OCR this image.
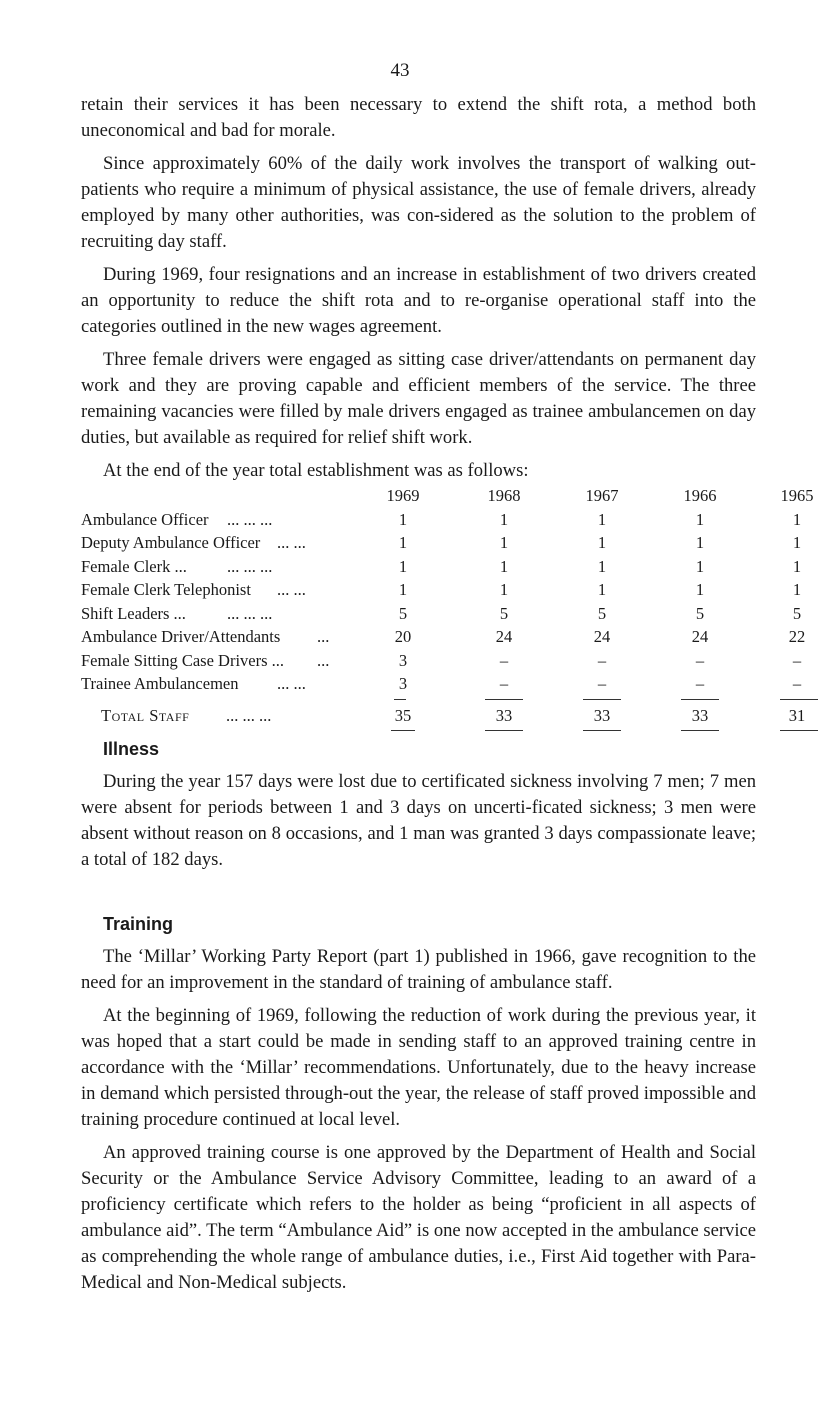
43

retain their services it has been necessary to extend the shift rota, a method both uneconomical and bad for morale.

Since approximately 60% of the daily work involves the transport of walking out-patients who require a minimum of physical assistance, the use of female drivers, already employed by many other authorities, was con-sidered as the solution to the problem of recruiting day staff.

During 1969, four resignations and an increase in establishment of two drivers created an opportunity to reduce the shift rota and to re-organise operational staff into the categories outlined in the new wages agreement.

Three female drivers were engaged as sitting case driver/attendants on permanent day work and they are proving capable and efficient members of the service. The three remaining vacancies were filled by male drivers engaged as trainee ambulancemen on day duties, but available as required for relief shift work.

At the end of the year total establishment was as follows:

1969	1968	1967	1966	1965
Ambulance Officer ... ... ...	1	1	1	1	1
Deputy Ambulance Officer ... ...	1	1	1	1	1
Female Clerk ... ... ... ...	1	1	1	1	1
Female Clerk Telephonist ... ...	1	1	1	1	1
Shift Leaders ... ... ... ...	5	5	5	5	5
Ambulance Driver/Attendants ...	20	24	24	24	22
Female Sitting Case Drivers ... ...	3	–	–	–	–
Trainee Ambulancemen ... ...	3	–	–	–	–
Total Staff ... ... ...	35	33	33	33	31

Illness

During the year 157 days were lost due to certificated sickness involving 7 men; 7 men were absent for periods between 1 and 3 days on uncerti-ficated sickness; 3 men were absent without reason on 8 occasions, and 1 man was granted 3 days compassionate leave; a total of 182 days.

Training

The ‘Millar’ Working Party Report (part 1) published in 1966, gave recognition to the need for an improvement in the standard of training of ambulance staff.

At the beginning of 1969, following the reduction of work during the previous year, it was hoped that a start could be made in sending staff to an approved training centre in accordance with the ‘Millar’ recommendations. Unfortunately, due to the heavy increase in demand which persisted through-out the year, the release of staff proved impossible and training procedure continued at local level.

An approved training course is one approved by the Department of Health and Social Security or the Ambulance Service Advisory Committee, leading to an award of a proficiency certificate which refers to the holder as being “proficient in all aspects of ambulance aid”. The term “Ambulance Aid” is one now accepted in the ambulance service as comprehending the whole range of ambulance duties, i.e., First Aid together with Para-Medical and Non-Medical subjects.
